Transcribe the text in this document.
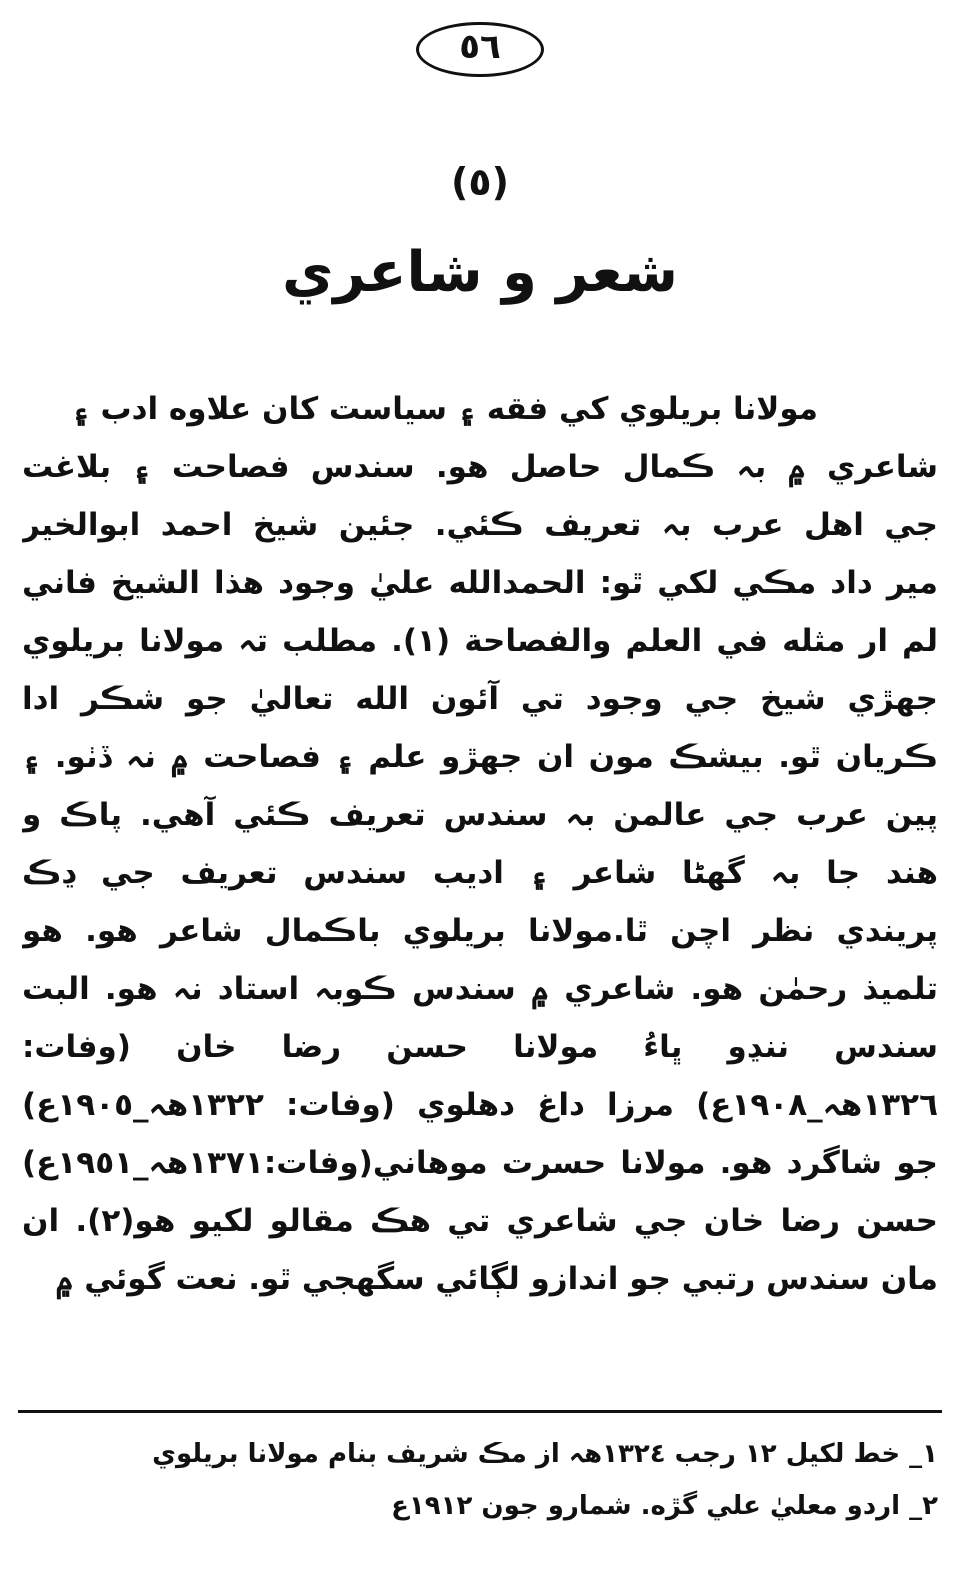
٥٦
(٥)
شعر و شاعري
مولانا بريلوي کي فقه ۽ سياست کان علاوه ادب ۽
شاعري ۾ بہ ڪمال حاصل هو. سندس فصاحت ۽ بلاغت
جي اهل عرب بہ تعريف ڪئي. جئين شيخ احمد ابوالخير
مير داد مڪي لکي ٿو: الحمدالله عليٰ وجود هذا الشيخ فاني
لم ار مثله في العلم والفصاحة (١). مطلب تہ مولانا بريلوي
جهڙي شيخ جي وجود تي آئون الله تعاليٰ جو شڪر ادا
ڪريان ٿو. بيشڪ مون ان جهڙو علم ۽ فصاحت ۾ نہ ڏٺو. ۽
پين عرب جي عالمن بہ سندس تعريف ڪئي آهي. پاڪ و
هند جا بہ گهڻا شاعر ۽ اديب سندس تعريف جي ڍڪ
پريندي نظر اچن ٿا.مولانا بريلوي باڪمال شاعر هو. هو
تلميذ رحمٰن هو. شاعري ۾ سندس ڪوبہ استاد نہ هو. البت
سندس ننڍو ڀاءُ مولانا حسن رضا خان (وفات:
١٣٢٦هہ_١٩٠٨ع) مرزا داغ دهلوي (وفات: ١٣٢٢هہ_١٩٠٥ع)
جو شاگرد هو. مولانا حسرت موهاني(وفات:١٣٧١هہ_١٩٥١ع)
حسن رضا خان جي شاعري تي هڪ مقالو لکيو هو(٢). ان
مان سندس رتبي جو اندازو لڳائي سگهجي ٿو. نعت گوئي ۾
١_ خط لکيل ١٢ رجب ١٣٢٤هہ از مڪ شريف بنام مولانا بريلوي
٢_ اردو معليٰ علي گڙه. شمارو جون ١٩١٢ع
